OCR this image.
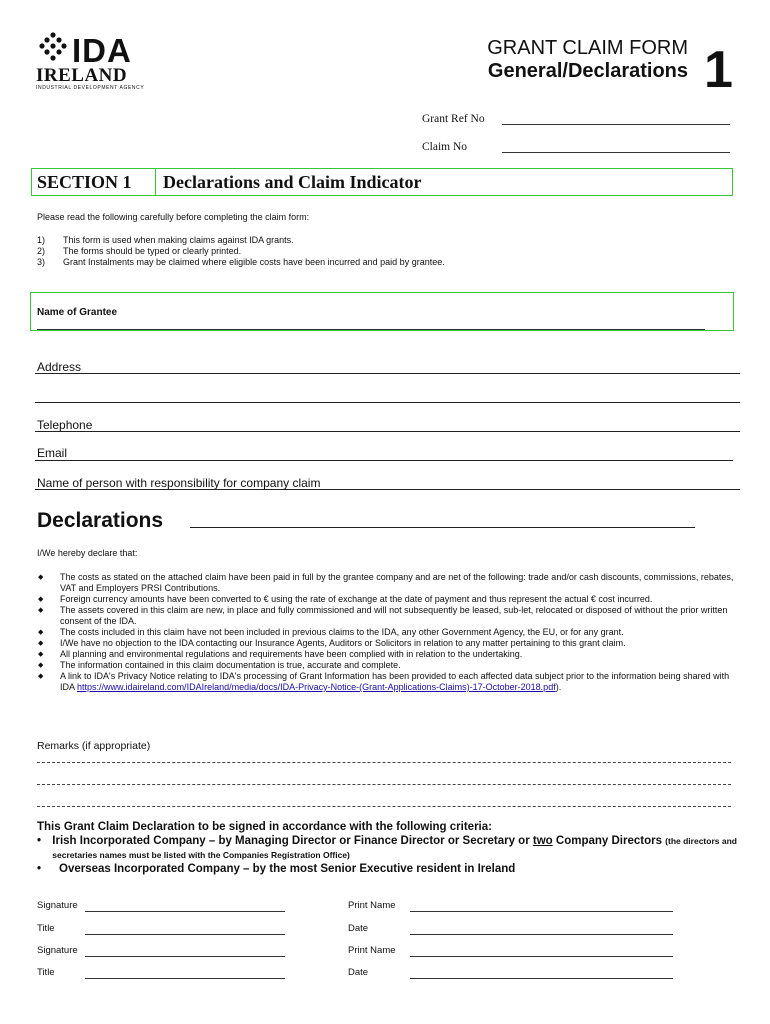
IDA
IRELAND
INDUSTRIAL DEVELOPMENT AGENCY
GRANT CLAIM FORM
General/Declarations 1
Grant Ref No
Claim No
SECTION 1	Declarations and Claim Indicator
Please read the following carefully before completing the claim form:
1)	This form is used when making claims against IDA grants.
2)	The forms should be typed or clearly printed.
3)	Grant Instalments may be claimed where eligible costs have been incurred and paid by grantee.
Name of Grantee
Address
Telephone
Email
Name of person with responsibility for company claim
Declarations
I/We hereby declare that:
◆	The costs as stated on the attached claim have been paid in full by the grantee company and are net of the following: trade and/or cash discounts, commissions, rebates, VAT and Employers PRSI Contributions.
◆	Foreign currency amounts have been converted to € using the rate of exchange at the date of payment and thus represent the actual € cost incurred.
◆	The assets covered in this claim are new, in place and fully commissioned and will not subsequently be leased, sub-let, relocated or disposed of without the prior written consent of the IDA.
◆	The costs included in this claim have not been included in previous claims to the IDA, any other Government Agency, the EU, or for any grant.
◆	I/We have no objection to the IDA contacting our Insurance Agents, Auditors or Solicitors in relation to any matter pertaining to this grant claim.
◆	All planning and environmental regulations and requirements have been complied with in relation to the undertaking.
◆	The information contained in this claim documentation is true, accurate and complete.
◆	A link to IDA's Privacy Notice relating to IDA's processing of Grant Information has been provided to each affected data subject prior to the information being shared with IDA https://www.idaireland.com/IDAIreland/media/docs/IDA-Privacy-Notice-(Grant-Applications-Claims)-17-October-2018.pdf).
Remarks (if appropriate)
This Grant Claim Declaration to be signed in accordance with the following criteria:
• Irish Incorporated Company – by Managing Director or Finance Director or Secretary or two Company Directors (the directors and secretaries names must be listed with the Companies Registration Office)
•	Overseas Incorporated Company – by the most Senior Executive resident in Ireland
Signature	Print Name
Title	Date
Signature	Print Name
Title	Date
